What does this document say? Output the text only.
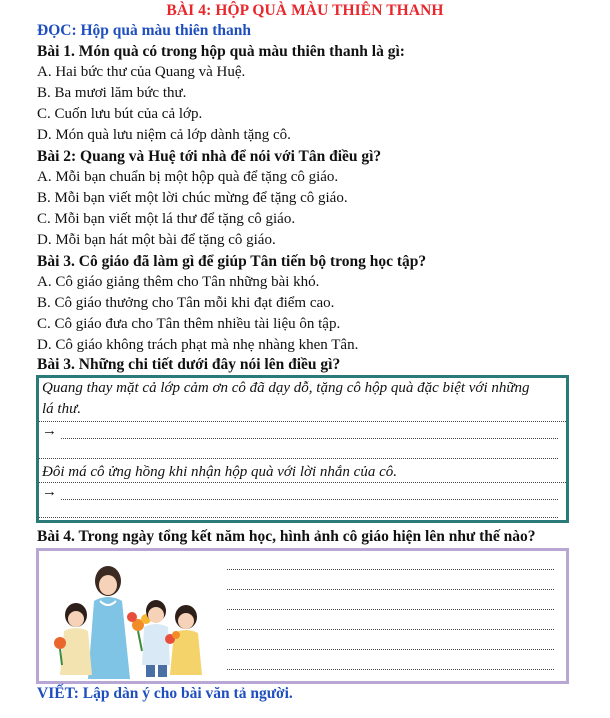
BÀI 4: HỘP QUÀ MÀU THIÊN THANH
ĐỌC: Hộp quà màu thiên thanh
Bài 1. Món quà có trong hộp quà màu thiên thanh là gì:
A. Hai bức thư của Quang và Huệ.
B. Ba mươi lăm bức thư.
C. Cuốn lưu bút của cả lớp.
D. Món quà lưu niệm cả lớp dành tặng cô.
Bài 2: Quang và Huệ tới nhà để nói với Tân điều gì?
A. Mỗi bạn chuẩn bị một hộp quà để tặng cô giáo.
B. Mỗi bạn viết một lời chúc mừng để tặng cô giáo.
C. Mỗi bạn viết một lá thư để tặng cô giáo.
D. Mỗi bạn hát một bài để tặng cô giáo.
Bài 3. Cô giáo đã làm gì để giúp Tân tiến bộ trong học tập?
A. Cô giáo giảng thêm cho Tân những bài khó.
B. Cô giáo thưởng cho Tân mỗi khi đạt điểm cao.
C. Cô giáo đưa cho Tân thêm nhiều tài liệu ôn tập.
D. Cô giáo không trách phạt mà nhẹ nhàng khen Tân.
Bài 3. Những chi tiết dưới đây nói lên điều gì?
Quang thay mặt cả lớp cảm ơn cô đã dạy dỗ, tặng cô hộp quà đặc biệt với những
lá thư.
→
Đôi má cô ửng hồng khi nhận hộp quà với lời nhắn của cô.
→
Bài 4. Trong ngày tổng kết năm học, hình ảnh cô giáo hiện lên như thế nào?
VIẾT: Lập dàn ý cho bài văn tả người.
